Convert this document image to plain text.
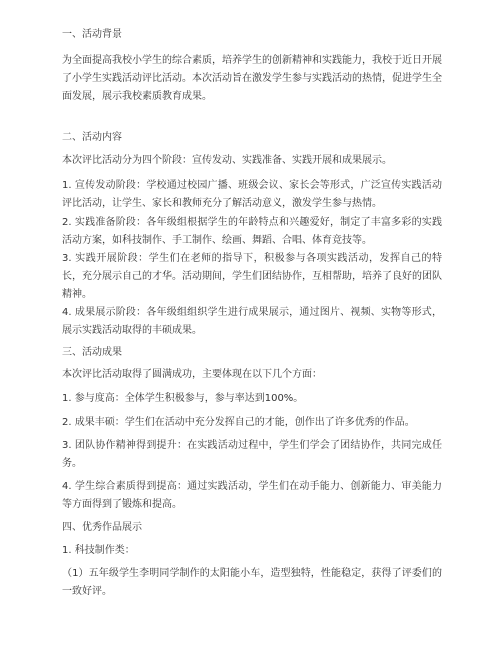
一、活动背景
为全面提高我校小学生的综合素质，培养学生的创新精神和实践能力，我校于近日开展了小学生实践活动评比活动。本次活动旨在激发学生参与实践活动的热情，促进学生全面发展，展示我校素质教育成果。
二、活动内容
本次评比活动分为四个阶段：宣传发动、实践准备、实践开展和成果展示。
1. 宣传发动阶段：学校通过校园广播、班级会议、家长会等形式，广泛宣传实践活动评比活动，让学生、家长和教师充分了解活动意义，激发学生参与热情。
2. 实践准备阶段：各年级组根据学生的年龄特点和兴趣爱好，制定了丰富多彩的实践活动方案，如科技制作、手工制作、绘画、舞蹈、合唱、体育竞技等。
3. 实践开展阶段：学生们在老师的指导下，积极参与各项实践活动，发挥自己的特长，充分展示自己的才华。活动期间，学生们团结协作，互相帮助，培养了良好的团队精神。
4. 成果展示阶段：各年级组组织学生进行成果展示，通过图片、视频、实物等形式，展示实践活动取得的丰硕成果。
三、活动成果
本次评比活动取得了圆满成功，主要体现在以下几个方面：
1. 参与度高：全体学生积极参与，参与率达到100%。
2. 成果丰硕：学生们在活动中充分发挥自己的才能，创作出了许多优秀的作品。
3. 团队协作精神得到提升：在实践活动过程中，学生们学会了团结协作，共同完成任务。
4. 学生综合素质得到提高：通过实践活动，学生们在动手能力、创新能力、审美能力等方面得到了锻炼和提高。
四、优秀作品展示
1. 科技制作类：
（1）五年级学生李明同学制作的太阳能小车，造型独特，性能稳定，获得了评委们的一致好评。
